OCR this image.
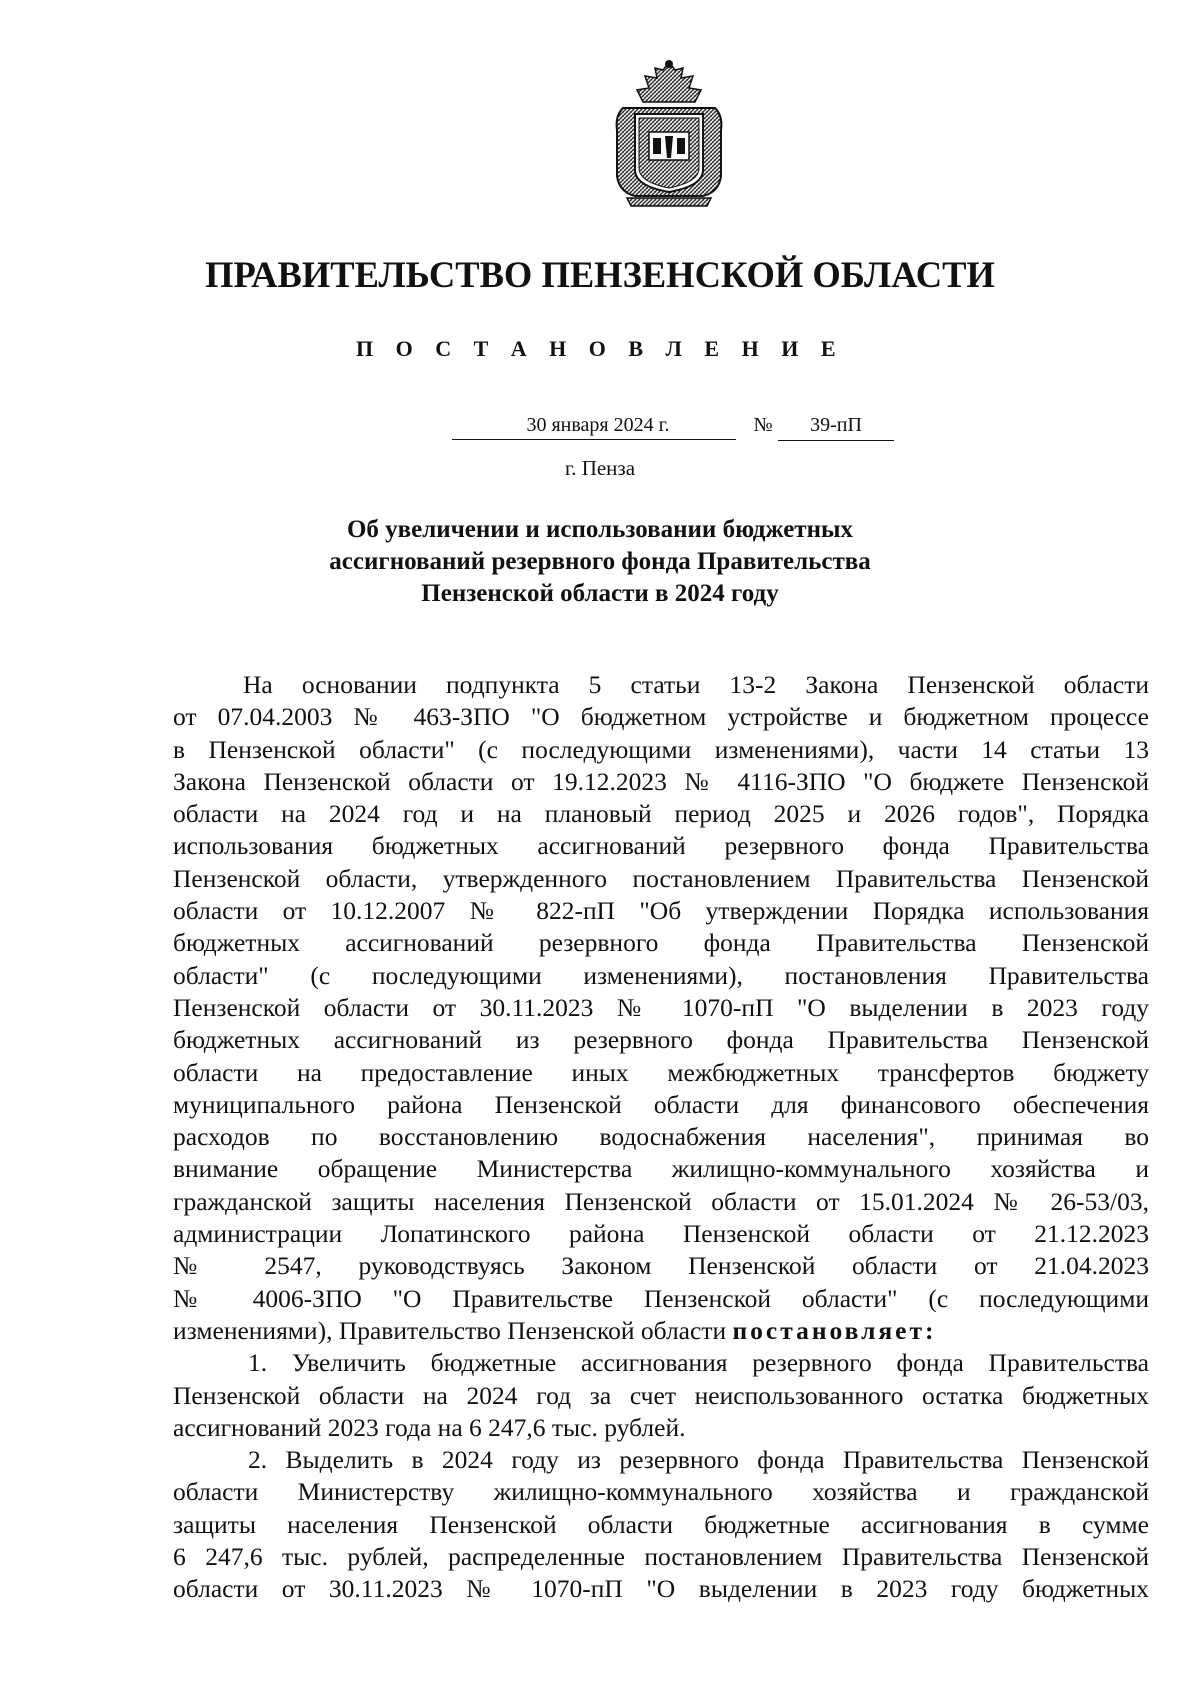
ПРАВИТЕЛЬСТВО ПЕНЗЕНСКОЙ ОБЛАСТИ
П О С Т А Н О В Л Е Н И Е
30 января 2024 г.	№	39-пП
г. Пенза
Об увеличении и использовании бюджетных
ассигнований резервного фонда Правительства
Пензенской области в 2024 году
На основании подпункта 5 статьи 13-2 Закона Пензенской области
от 07.04.2003 № 463-ЗПО "О бюджетном устройстве и бюджетном процессе
в Пензенской области" (с последующими изменениями), части 14 статьи 13
Закона Пензенской области от 19.12.2023 № 4116-ЗПО "О бюджете Пензенской
области на 2024 год и на плановый период 2025 и 2026 годов", Порядка
использования бюджетных ассигнований резервного фонда Правительства
Пензенской области, утвержденного постановлением Правительства Пензенской
области от 10.12.2007 № 822-пП "Об утверждении Порядка использования
бюджетных ассигнований резервного фонда Правительства Пензенской
области" (с последующими изменениями), постановления Правительства
Пензенской области от 30.11.2023 № 1070-пП "О выделении в 2023 году
бюджетных ассигнований из резервного фонда Правительства Пензенской
области на предоставление иных межбюджетных трансфертов бюджету
муниципального района Пензенской области для финансового обеспечения
расходов по восстановлению водоснабжения населения", принимая во
внимание обращение Министерства жилищно-коммунального хозяйства и
гражданской защиты населения Пензенской области от 15.01.2024 № 26-53/03,
администрации Лопатинского района Пензенской области от 21.12.2023
№ 2547, руководствуясь Законом Пензенской области от 21.04.2023
№ 4006-ЗПО "О Правительстве Пензенской области" (с последующими
изменениями), Правительство Пензенской области постановляет:
1. Увеличить бюджетные ассигнования резервного фонда Правительства
Пензенской области на 2024 год за счет неиспользованного остатка бюджетных
ассигнований 2023 года на 6 247,6 тыс. рублей.
2. Выделить в 2024 году из резервного фонда Правительства Пензенской
области Министерству жилищно-коммунального хозяйства и гражданской
защиты населения Пензенской области бюджетные ассигнования в сумме
6 247,6 тыс. рублей, распределенные постановлением Правительства Пензенской
области от 30.11.2023 № 1070-пП "О выделении в 2023 году бюджетных
